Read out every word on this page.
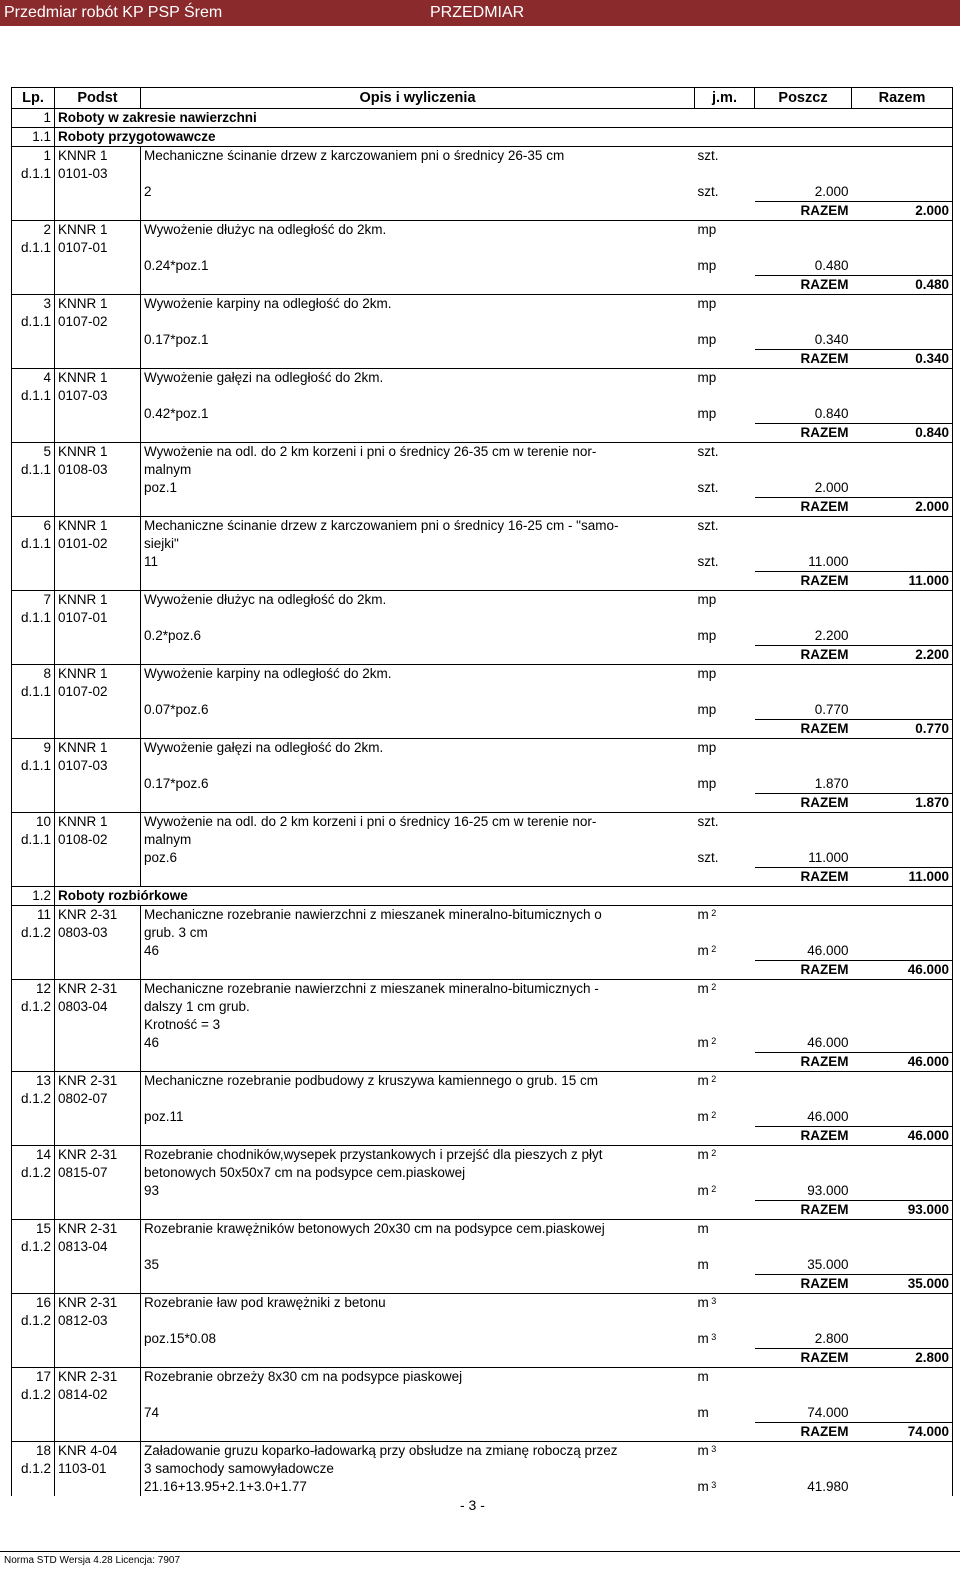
Przedmiar robót KP PSP Śrem	PRZEDMIAR
Lp.	Podst	Opis i wyliczenia	j.m.	Poszcz	Razem
1	Roboty w zakresie nawierzchni				
1.1	Roboty przygotowawcze				
1	KNNR 1	Mechaniczne ścinanie drzew z karczowaniem pni o średnicy 26-35 cm	szt.		
d.1.1	0101-03				
		2	szt.	2.000	
				RAZEM	2.000
2	KNNR 1	Wywożenie dłużyc na odległość do 2km.	mp		
d.1.1	0107-01				
		0.24*poz.1	mp	0.480	
				RAZEM	0.480
3	KNNR 1	Wywożenie karpiny na odległość do 2km.	mp		
d.1.1	0107-02				
		0.17*poz.1	mp	0.340	
				RAZEM	0.340
4	KNNR 1	Wywożenie gałęzi na odległość do 2km.	mp		
d.1.1	0107-03				
		0.42*poz.1	mp	0.840	
				RAZEM	0.840
5	KNNR 1	Wywożenie na odl. do 2 km korzeni i pni o średnicy 26-35 cm w terenie nor-	szt.		
d.1.1	0108-03	malnym			
		poz.1	szt.	2.000	
				RAZEM	2.000
6	KNNR 1	Mechaniczne ścinanie drzew z karczowaniem pni o średnicy 16-25 cm - "samo-	szt.		
d.1.1	0101-02	siejki"			
		11	szt.	11.000	
				RAZEM	11.000
7	KNNR 1	Wywożenie dłużyc na odległość do 2km.	mp		
d.1.1	0107-01				
		0.2*poz.6	mp	2.200	
				RAZEM	2.200
8	KNNR 1	Wywożenie karpiny na odległość do 2km.	mp		
d.1.1	0107-02				
		0.07*poz.6	mp	0.770	
				RAZEM	0.770
9	KNNR 1	Wywożenie gałęzi na odległość do 2km.	mp		
d.1.1	0107-03				
		0.17*poz.6	mp	1.870	
				RAZEM	1.870
10	KNNR 1	Wywożenie na odl. do 2 km korzeni i pni o średnicy 16-25 cm w terenie nor-	szt.		
d.1.1	0108-02	malnym			
		poz.6	szt.	11.000	
				RAZEM	11.000
1.2	Roboty rozbiórkowe				
11	KNR 2-31	Mechaniczne rozebranie nawierzchni z mieszanek mineralno-bitumicznych o	m $^2$		
d.1.2	0803-03	grub. 3 cm			
		46	m $^2$	46.000	
				RAZEM	46.000
12	KNR 2-31	Mechaniczne rozebranie nawierzchni z mieszanek mineralno-bitumicznych -	m $^2$		
d.1.2	0803-04	dalszy 1 cm grub.			
		Krotność = 3			
		46	m $^2$	46.000	
				RAZEM	46.000
13	KNR 2-31	Mechaniczne rozebranie podbudowy z kruszywa kamiennego o grub. 15 cm	m $^2$		
d.1.2	0802-07				
		poz.11	m $^2$	46.000	
				RAZEM	46.000
14	KNR 2-31	Rozebranie chodników,wysepek przystankowych i przejść dla pieszych z płyt	m $^2$		
d.1.2	0815-07	betonowych 50x50x7 cm na podsypce cem.piaskowej			
		93	m $^2$	93.000	
				RAZEM	93.000
15	KNR 2-31	Rozebranie krawężników betonowych 20x30 cm na podsypce cem.piaskowej	m		
d.1.2	0813-04				
		35	m	35.000	
				RAZEM	35.000
16	KNR 2-31	Rozebranie ław pod krawężniki z betonu	m $^3$		
d.1.2	0812-03				
		poz.15*0.08	m $^3$	2.800	
				RAZEM	2.800
17	KNR 2-31	Rozebranie obrzeży 8x30 cm na podsypce piaskowej	m		
d.1.2	0814-02				
		74	m	74.000	
				RAZEM	74.000
18	KNR 4-04	Załadowanie gruzu koparko-ładowarką przy obsłudze na zmianę roboczą przez	m $^3$		
d.1.2	1103-01	3 samochody samowyładowcze			
		21.16+13.95+2.1+3.0+1.77	m $^3$	41.980	
- 3 -
Norma STD Wersja 4.28 Licencja: 7907
